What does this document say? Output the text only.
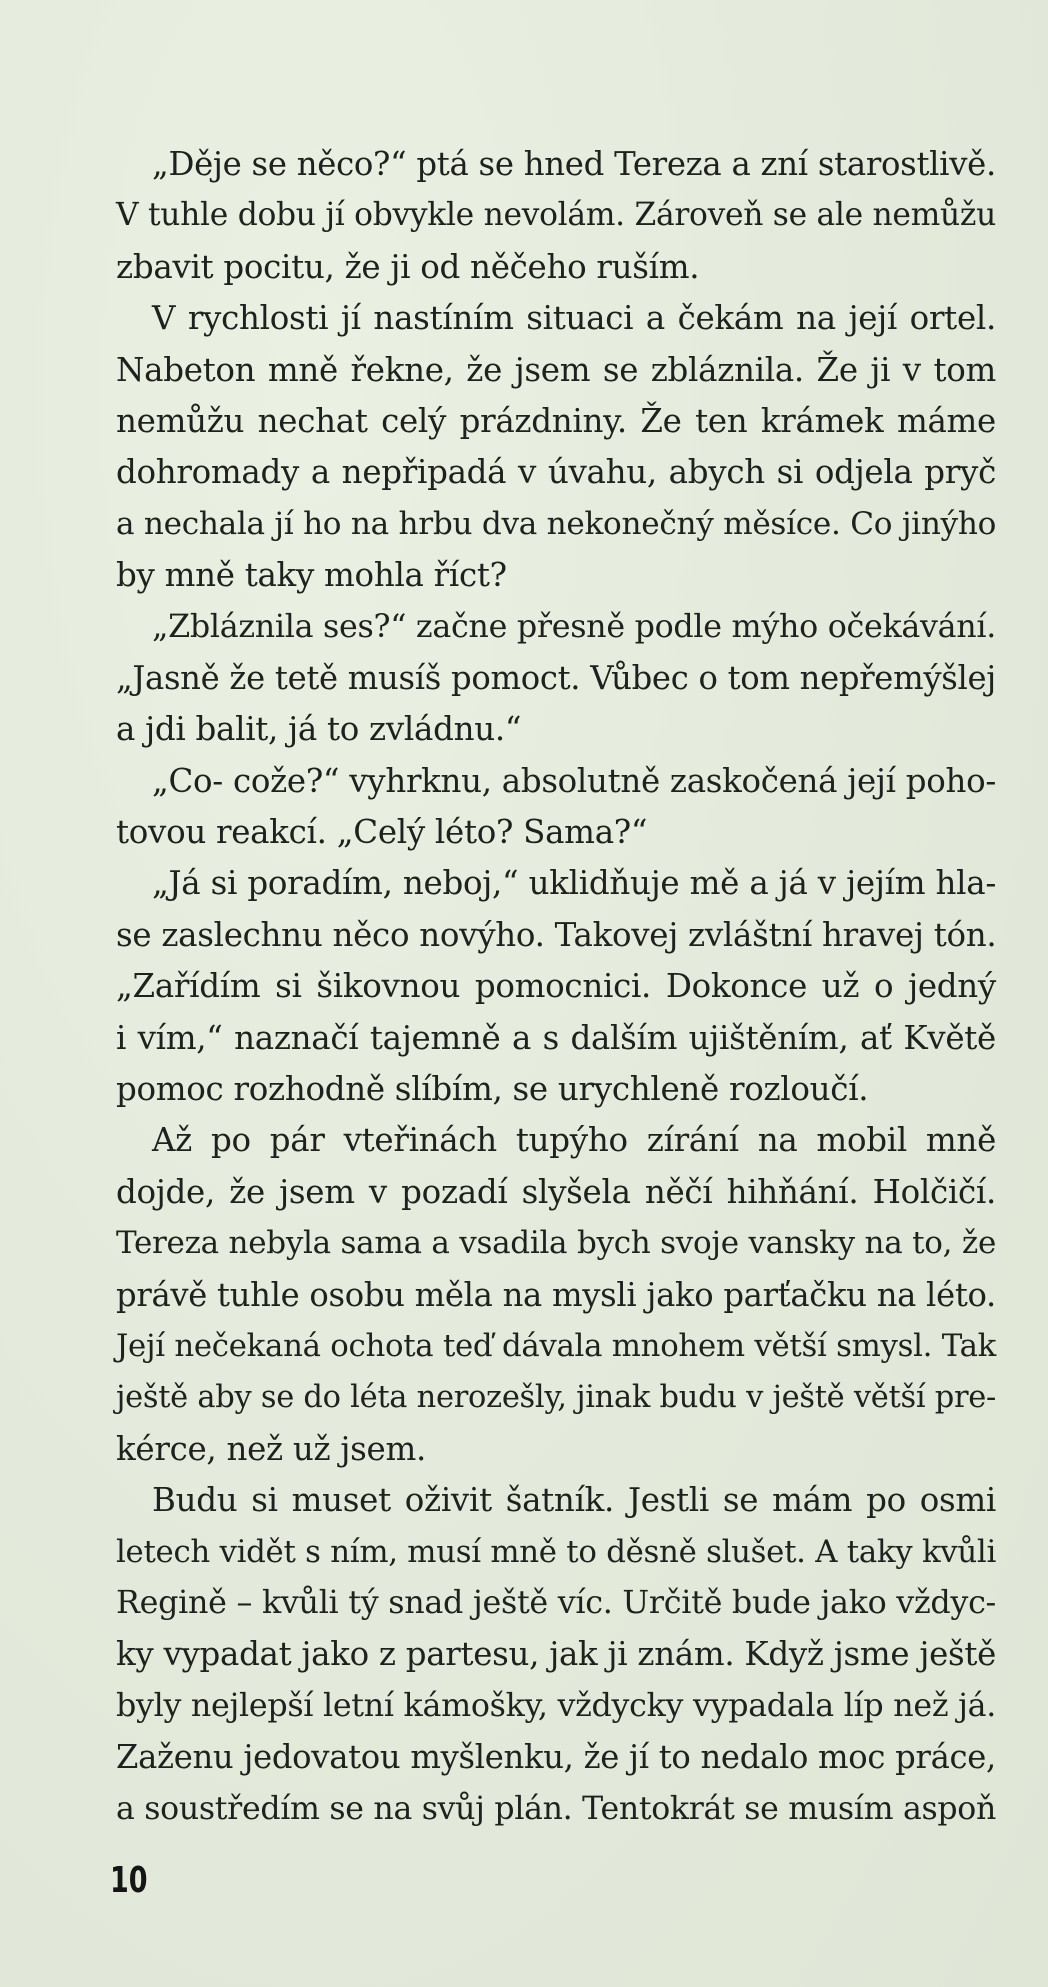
„Děje se něco?“ ptá se hned Tereza a zní starostlivě.
V tuhle dobu jí obvykle nevolám. Zároveň se ale nemůžu
zbavit pocitu, že ji od něčeho ruším.
V rychlosti jí nastíním situaci a čekám na její ortel.
Nabeton mně řekne, že jsem se zbláznila. Že ji v tom
nemůžu nechat celý prázdniny. Že ten krámek máme
dohromady a nepřipadá v úvahu, abych si odjela pryč
a nechala jí ho na hrbu dva nekonečný měsíce. Co jinýho
by mně taky mohla říct?
„Zbláznila ses?“ začne přesně podle mýho očekávání.
„Jasně že tetě musíš pomoct. Vůbec o tom nepřemýšlej
a jdi balit, já to zvládnu.“
„Co- cože?“ vyhrknu, absolutně zaskočená její poho-
tovou reakcí. „Celý léto? Sama?“
„Já si poradím, neboj,“ uklidňuje mě a já v jejím hla-
se zaslechnu něco novýho. Takovej zvláštní hravej tón.
„Zařídím si šikovnou pomocnici. Dokonce už o jedný
i vím,“ naznačí tajemně a s dalším ujištěním, ať Květě
pomoc rozhodně slíbím, se urychleně rozloučí.
Až po pár vteřinách tupýho zírání na mobil mně
dojde, že jsem v pozadí slyšela něčí hihňání. Holčičí.
Tereza nebyla sama a vsadila bych svoje vansky na to, že
právě tuhle osobu měla na mysli jako parťačku na léto.
Její nečekaná ochota teď dávala mnohem větší smysl. Tak
ještě aby se do léta nerozešly, jinak budu v ještě větší pre-
kérce, než už jsem.
Budu si muset oživit šatník. Jestli se mám po osmi
letech vidět s ním, musí mně to děsně slušet. A taky kvůli
Regině – kvůli tý snad ještě víc. Určitě bude jako vždyc-
ky vypadat jako z partesu, jak ji znám. Když jsme ještě
byly nejlepší letní kámošky, vždycky vypadala líp než já.
Zaženu jedovatou myšlenku, že jí to nedalo moc práce,
a soustředím se na svůj plán. Tentokrát se musím aspoň
10
